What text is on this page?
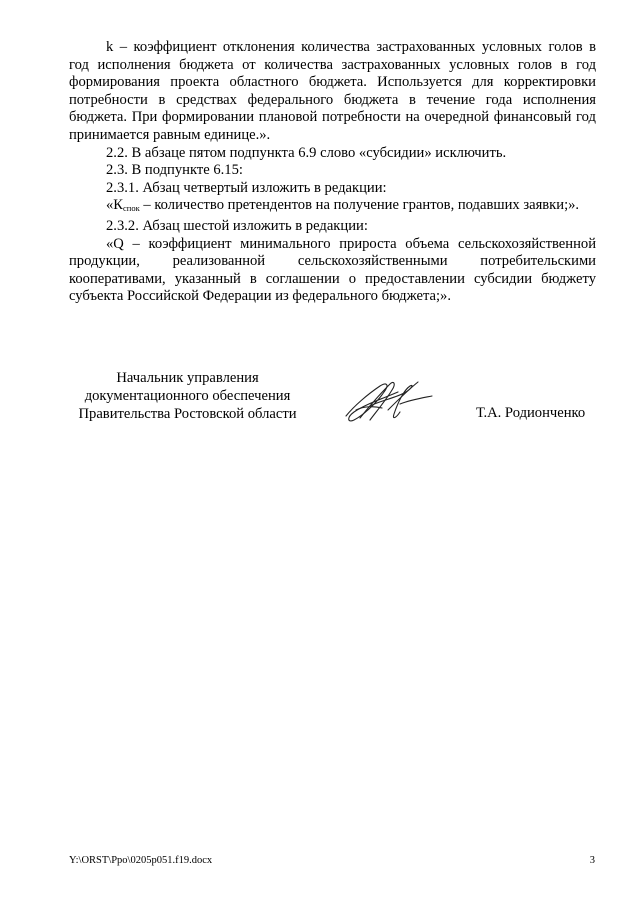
k – коэффициент отклонения количества застрахованных условных голов в год исполнения бюджета от количества застрахованных условных голов в год формирования проекта областного бюджета. Используется для корректировки потребности в средствах федерального бюджета в течение года исполнения бюджета. При формировании плановой потребности на очередной финансовый год принимается равным единице.».

2.2. В абзаце пятом подпункта 6.9 слово «субсидии» исключить.

2.3. В подпункте 6.15:

2.3.1. Абзац четвертый изложить в редакции:

«$К_{спок}$ – количество претендентов на получение грантов, подавших заявки;».

2.3.2. Абзац шестой изложить в редакции:

«Q – коэффициент минимального прироста объема сельскохозяйственной продукции, реализованной сельскохозяйственными потребительскими кооперативами, указанный в соглашении о предоставлении субсидии бюджету субъекта Российской Федерации из федерального бюджета;».

Начальник управления
документационного обеспечения
Правительства Ростовской области	Т.А. Родионченко
Y:\ORST\Ppo\0205p051.f19.docx	3
